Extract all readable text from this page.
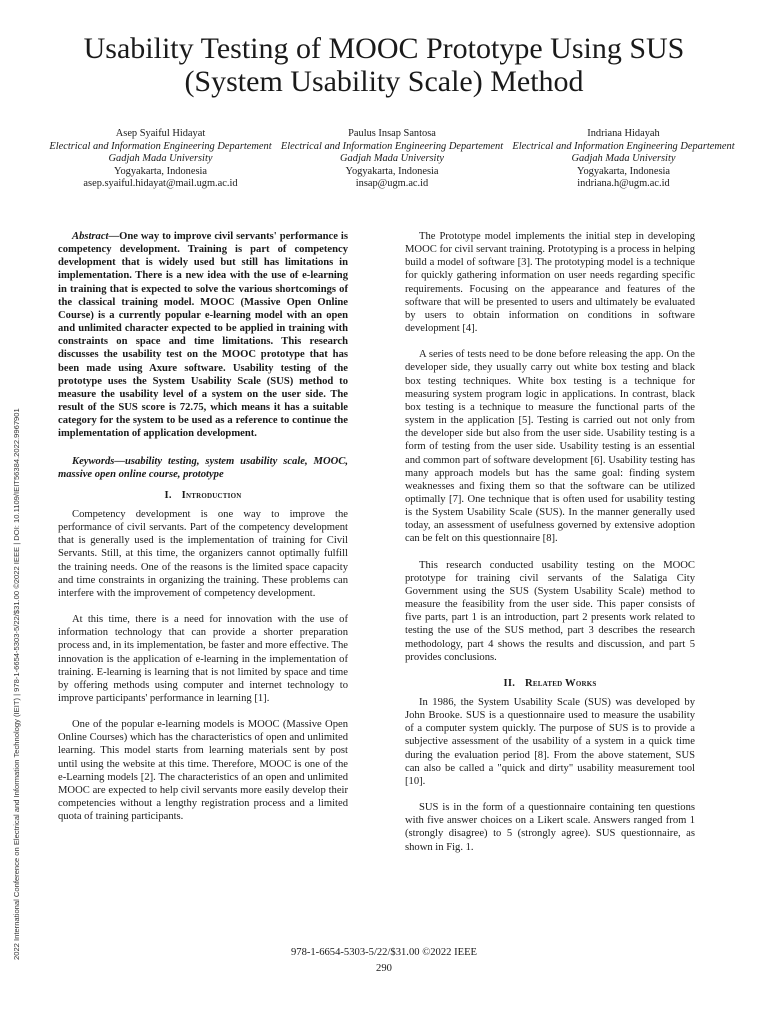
2022 International Conference on Electrical and Information Technology (IEIT) | 978-1-6654-5303-5/22/$31.00 ©2022 IEEE | DOI: 10.1109/IEIT56384.2022.9967901
Usability Testing of MOOC Prototype Using SUS
(System Usability Scale) Method
Asep Syaiful Hidayat
Electrical and Information Engineering Departement
Gadjah Mada University
Yogyakarta, Indonesia
asep.syaiful.hidayat@mail.ugm.ac.id
Paulus Insap Santosa
Electrical and Information Engineering Departement
Gadjah Mada University
Yogyakarta, Indonesia
insap@ugm.ac.id
Indriana Hidayah
Electrical and Information Engineering Departement
Gadjah Mada University
Yogyakarta, Indonesia
indriana.h@ugm.ac.id

Abstract—One way to improve civil servants' performance is competency development. Training is part of competency development that is widely used but still has limitations in implementation. There is a new idea with the use of e-learning in training that is expected to solve the various shortcomings of the classical training model. MOOC (Massive Open Online Course) is a currently popular e-learning model with an open and unlimited character expected to be applied in training with constraints on space and time limitations. This research discusses the usability test on the MOOC prototype that has been made using Axure software. Usability testing of the prototype uses the System Usability Scale (SUS) method to measure the usability level of a system on the user side. The result of the SUS score is 72.75, which means it has a suitable category for the system to be used as a reference to continue the implementation of application development.

Keywords—usability testing, system usability scale, MOOC, massive open online course, prototype

I. Introduction

Competency development is one way to improve the performance of civil servants. Part of the competency development that is generally used is the implementation of training for Civil Servants. Still, at this time, the organizers cannot optimally fulfill the training needs. One of the reasons is the limited space capacity and time constraints in organizing the training. These problems can interfere with the improvement of competency development.

At this time, there is a need for innovation with the use of information technology that can provide a shorter preparation process and, in its implementation, be faster and more effective. The innovation is the application of e-learning in the implementation of training. E-learning is learning that is not limited by space and time by offering methods using computer and internet technology to improve participants' performance in learning [1].

One of the popular e-learning models is MOOC (Massive Open Online Courses) which has the characteristics of open and unlimited learning. This model starts from learning materials sent by post until using the website at this time. Therefore, MOOC is one of the e-Learning models [2]. The characteristics of an open and unlimited MOOC are expected to help civil servants more easily develop their competencies without a lengthy registration process and a limited quota of training participants.

The Prototype model implements the initial step in developing MOOC for civil servant training. Prototyping is a process in helping build a model of software [3]. The prototyping model is a technique for quickly gathering information on user needs regarding specific requirements. Focusing on the appearance and features of the software that will be presented to users and ultimately be evaluated by users to obtain information on conditions in software development [4].

A series of tests need to be done before releasing the app. On the developer side, they usually carry out white box testing and black box testing techniques. White box testing is a technique for measuring system program logic in applications. In contrast, black box testing is a technique to measure the functional parts of the system in the application [5]. Testing is carried out not only from the developer side but also from the user side. Usability testing is a form of testing from the user side. Usability testing is an essential and common part of software development [6]. Usability testing has many approach models but has the same goal: finding system weaknesses and fixing them so that the software can be utilized optimally [7]. One technique that is often used for usability testing is the System Usability Scale (SUS). In the manner generally used today, an assessment of usefulness governed by extensive adoption can be felt on this questionnaire [8].

This research conducted usability testing on the MOOC prototype for training civil servants of the Salatiga City Government using the SUS (System Usability Scale) method to measure the feasibility from the user side. This paper consists of five parts, part 1 is an introduction, part 2 presents work related to testing the use of the SUS method, part 3 describes the research methodology, part 4 shows the results and discussion, and part 5 provides conclusions.

II. Related Works

In 1986, the System Usability Scale (SUS) was developed by John Brooke. SUS is a questionnaire used to measure the usability of a computer system quickly. The purpose of SUS is to provide a subjective assessment of the usability of a system in a quick time during the evaluation period [8]. From the above statement, SUS can also be called a "quick and dirty" usability measurement tool [10].

SUS is in the form of a questionnaire containing ten questions with five answer choices on a Likert scale. Answers ranged from 1 (strongly disagree) to 5 (strongly agree). SUS questionnaire, as shown in Fig. 1.

978-1-6654-5303-5/22/$31.00 ©2022 IEEE
290
